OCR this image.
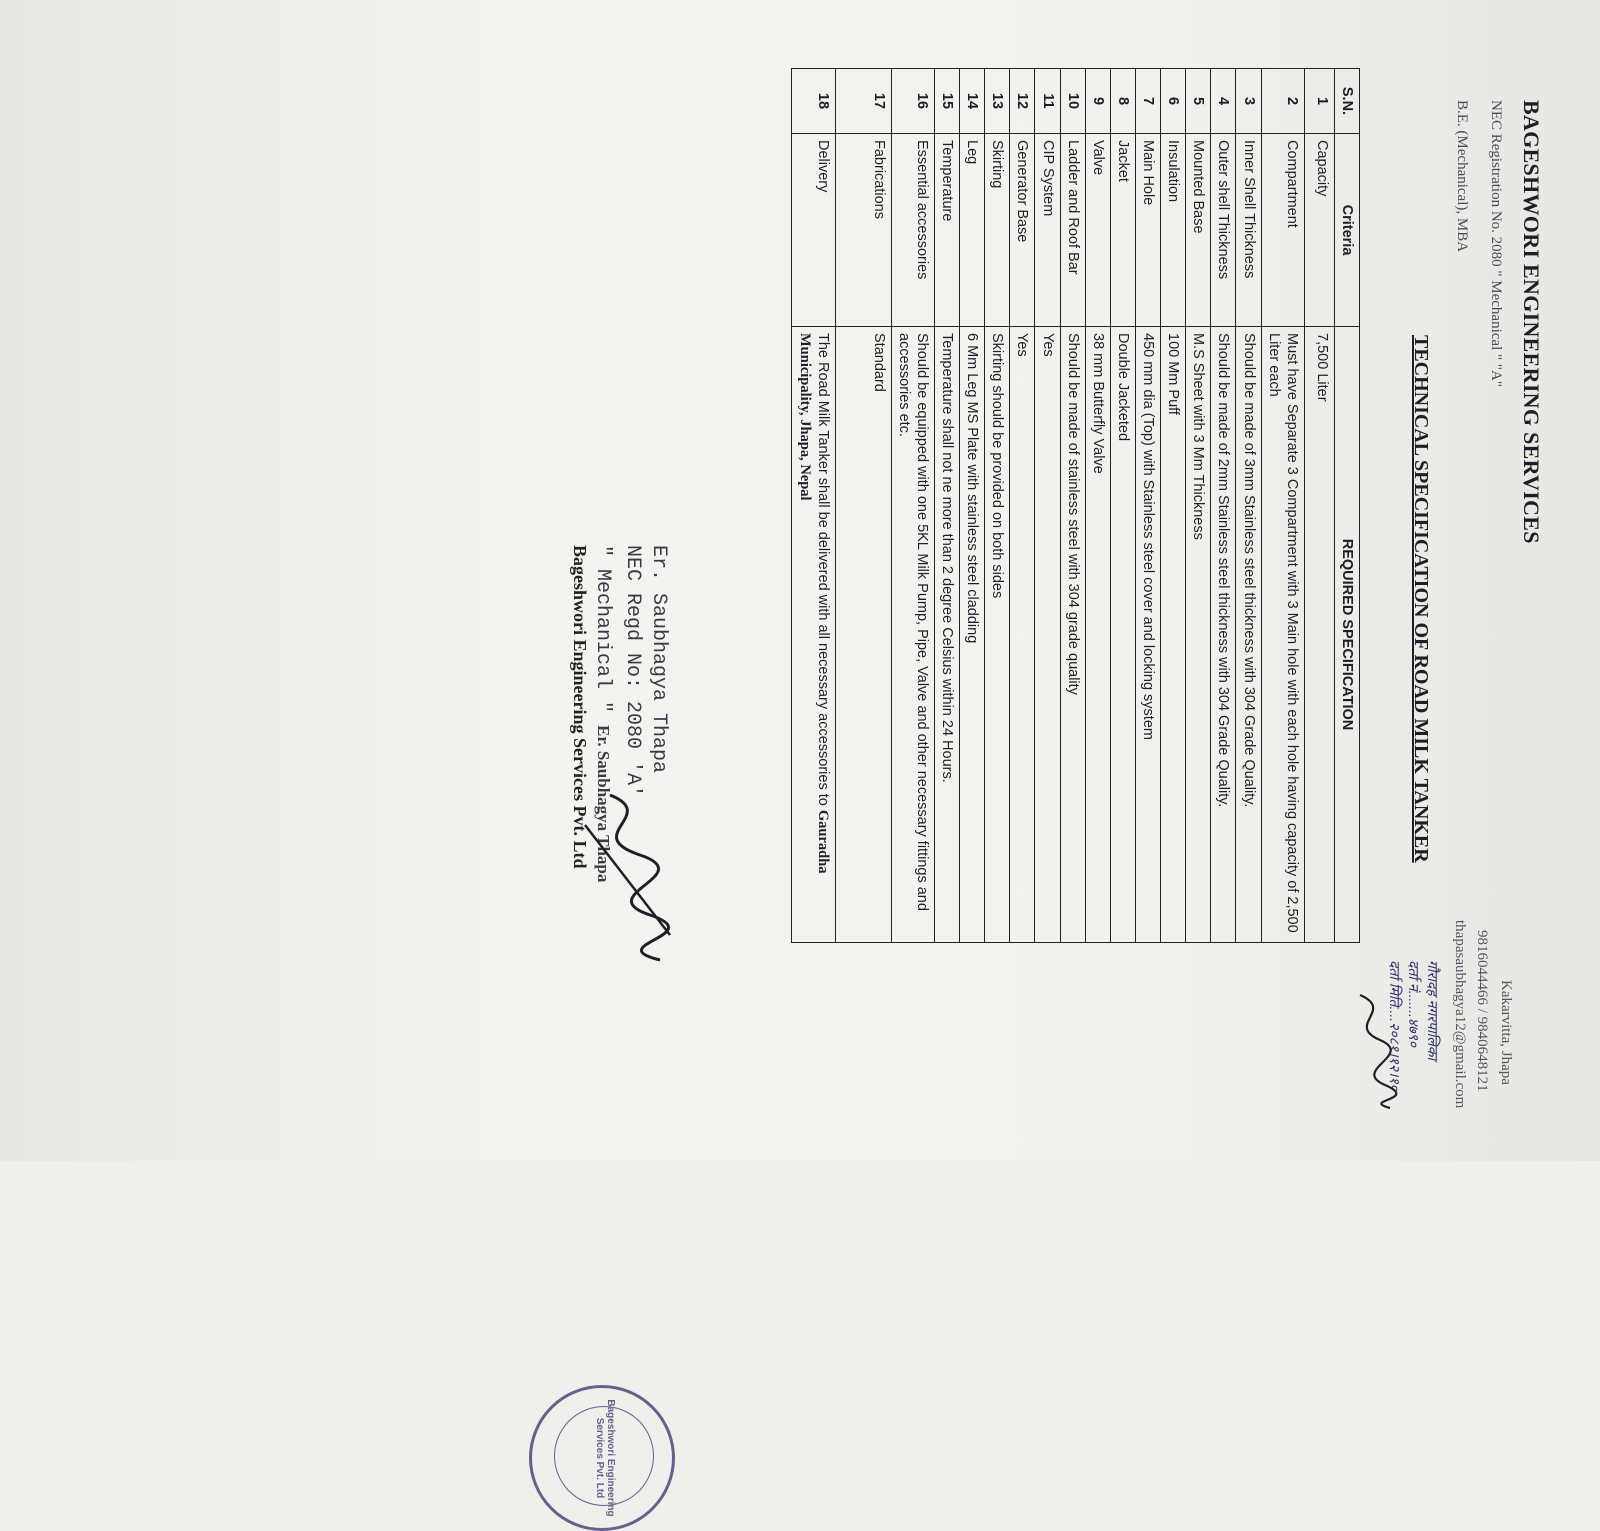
BAGESHWORI ENGINEERING SERVICES
NEC Registration No. 2080 " Mechanical " "A"
B.E. (Mechanical), MBA
Kakarvitta, Jhapa
9816044466 / 9840648121
thapasaubhagya12@gmail.com
TECHNICAL SPECIFICATION OF ROAD MILK TANKER
गौरादह नगरपालिका
दर्ता नं.......४७९०
दर्ता मिति....२०८१।१२।१०
S.N.	Criteria	REQUIRED SPECIFICATION
1	Capacity	7,500 Liter
2	Compartment	Must have Separate 3 Compartment with 3 Main hole with each hole having capacity of 2,500 Liter each
3	Inner Shell Thickness	Should be made of 3mm Stainless steel thickness with 304 Grade Quality.
4	Outer shell Thickness	Should be made of 2mm Stainless steel thickness with 304 Grade Quality.
5	Mounted Base	M.S Sheet with 3 Mm Thickness
6	Insulation	100 Mm Puff
7	Main Hole	450 mm dia (Top) with Stainless steel cover and locking system
8	Jacket	Double Jacketed
9	Valve	38 mm Butterfly Valve
10	Ladder and Roof Bar	Should be made of stainless steel with 304 grade quality
11	CIP System	Yes
12	Generator Base	Yes
13	Skirting	Skirting should be provided on both sides
14	Leg	6 Mm Leg MS Plate with stainless steel cladding
15	Temperature	Temperature shall not ne more than 2 degree Celsius within 24 Hours.
16	Essential accessories	Should be equipped with one 5KL Milk Pump, Pipe, Valve and other necessary fittings and accessories etc.
17	Fabrications	Standard
18	Delivery	The Road Milk Tanker shall be delivered with all necessary accessories to Gauradha Municipality, Jhapa, Nepal
Er. Saubhagya Thapa
NEC Regd No: 2080 'A'
" Mechanical " Er. Saubhagya Thapa
Bageshwori Engineering Services Pvt. Ltd
Bageshwori Engineering Services Pvt. Ltd
